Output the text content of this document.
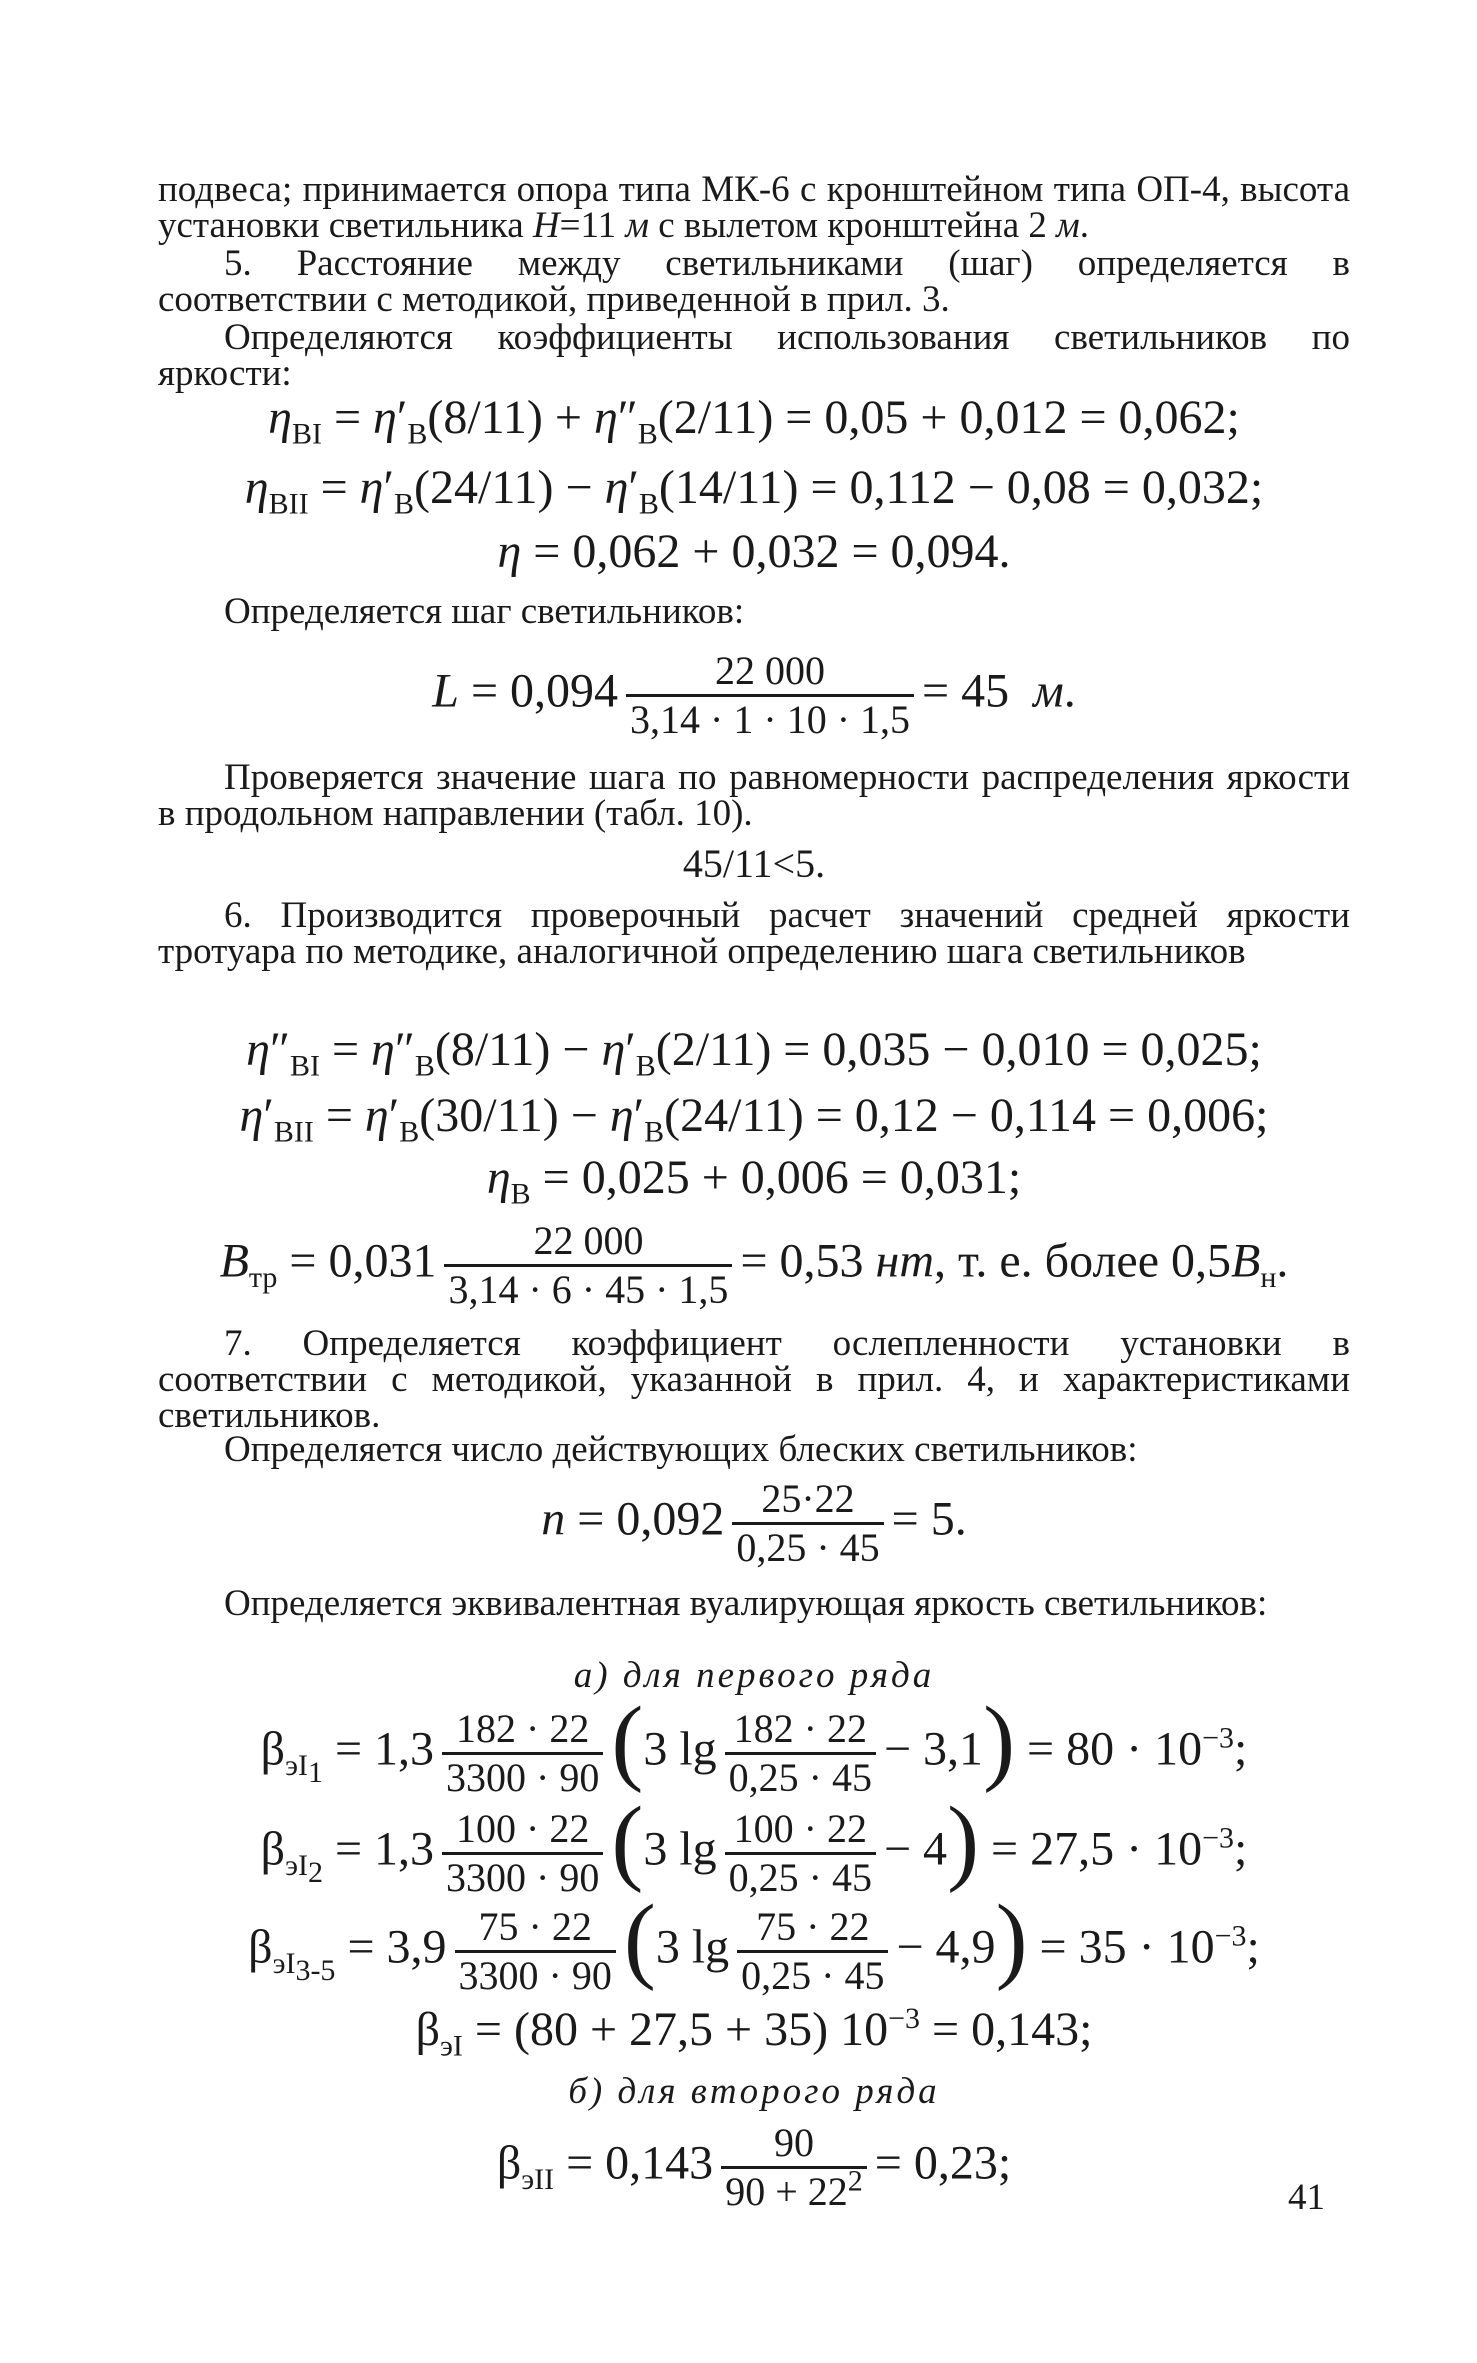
подвеса; принимается опора типа МК-6 с кронштейном типа ОП-4, высота установки светильника H=11 м с вылетом кронштейна 2 м.

5. Расстояние между светильниками (шаг) определяется в соответствии с методикой, приведенной в прил. 3.

Определяются коэффициенты использования светильников по яркости:

$\eta_{BI} = \eta'_B(8/11) + \eta''_B(2/11) = 0,05 + 0,012 = 0,062$;
$\eta_{BII} = \eta'_B(24/11) - \eta'_B(14/11) = 0,112 - 0,08 = 0,032$;
η = 0,062 + 0,032 = 0,094.

Определяется шаг светильников:

$L = 0,094 \frac{22 000}{3,14 \cdot 1 \cdot 10 \cdot 1,5} = 45$  м.

Проверяется значение шага по равномерности распределения яркости в продольном направлении (табл. 10).

45/11<5.

6. Производится проверочный расчет значений средней яркости тротуара по методике, аналогичной определению шага светильников

$\eta''_{BI} = \eta''_B(8/11) - \eta'_B(2/11) = 0,035 - 0,010 = 0,025$;
$\eta'_{BII} = \eta'_B(30/11) - \eta'_B(24/11) = 0,12 - 0,114 = 0,006$;
$\eta_B = 0,025 + 0,006 = 0,031$;
$B_{тр} = 0,031 \frac{22 000}{3,14 \cdot 6 \cdot 45 \cdot 1,5} = 0,53$ нт, т. е. более $0,5B_н$.

7. Определяется коэффициент ослепленности установки в соответствии с методикой, указанной в прил. 4, и характеристиками светильников.

Определяется число действующих блеских светильников:

$n = 0,092 \frac{25\cdot 22}{0,25 \cdot 45} = 5$.

Определяется эквивалентная вуалирующая яркость светильников:

а) для первого ряда
$\beta_{эI_1} = 1,3 \frac{182 \cdot 22}{3300 \cdot 90} (3$ $\lg \frac{182 \cdot 22}{0,25 \cdot 45} - 3,1) = 80 \cdot 10^{-3}$;
$\beta_{эI_2} = 1,3 \frac{100 \cdot 22}{3300 \cdot 90} (3$ $\lg \frac{100 \cdot 22}{0,25 \cdot 45} - 4) = 27,5 \cdot 10^{-3}$;
$\beta_{эI_{3-5}} = 3,9 \frac{75 \cdot 22}{3300 \cdot 90} (3$ $\lg \frac{75 \cdot 22}{0,25 \cdot 45} - 4,9) = 35 \cdot 10^{-3}$;
$\beta_{эI} = (80 + 27,5 + 35) 10^{-3} = 0,143$;
б) для второго ряда
$\beta_{эII} = 0,143 \frac{90}{90 + 22^2} = 0,23$;
41
